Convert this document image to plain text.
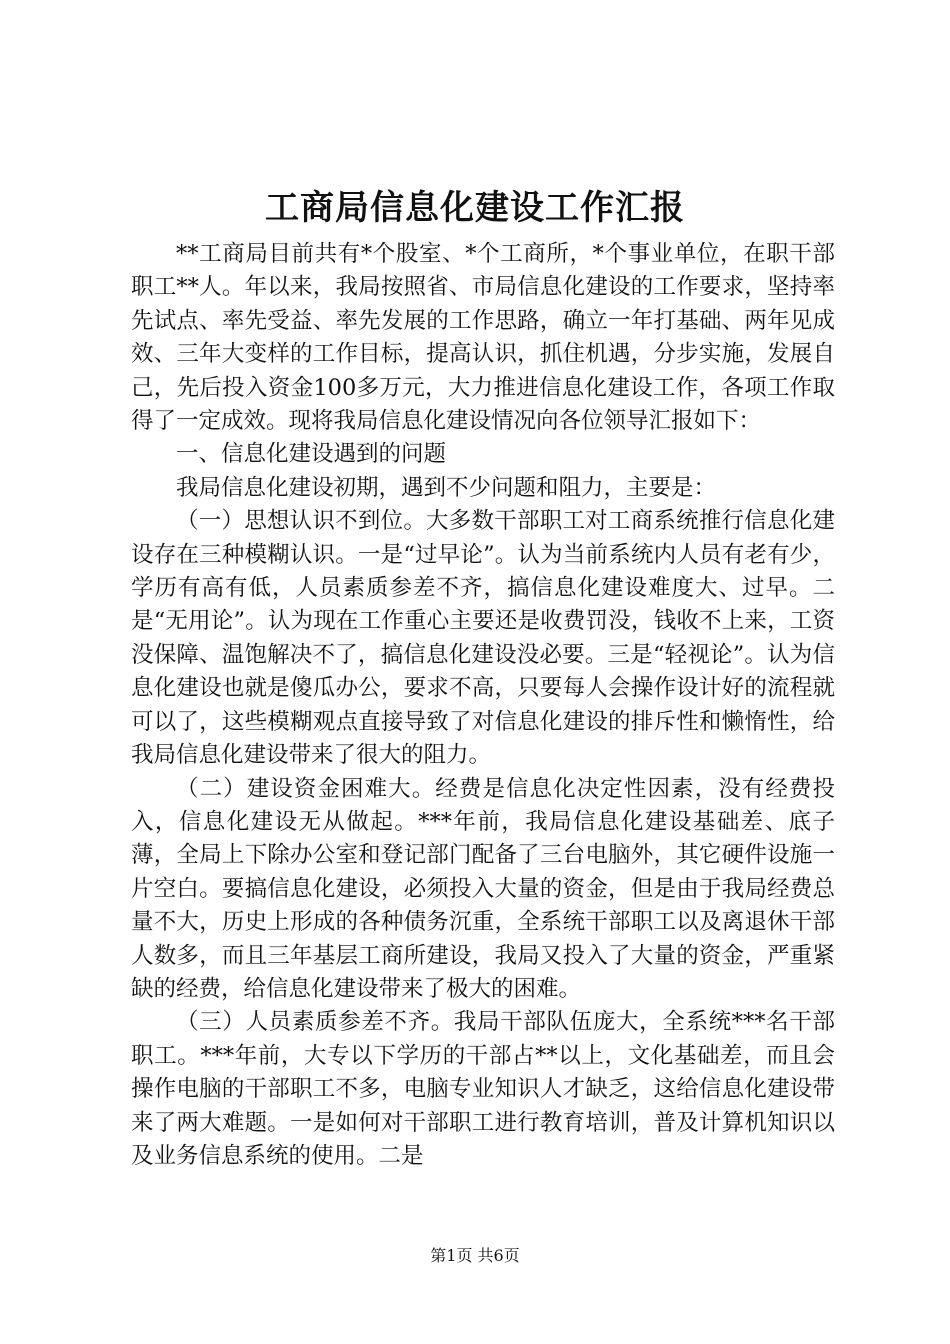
工商局信息化建设工作汇报

**工商局目前共有*个股室、*个工商所，*个事业单位，在职干部职工**人。年以来，我局按照省、市局信息化建设的工作要求，坚持率先试点、率先受益、率先发展的工作思路，确立一年打基础、两年见成效、三年大变样的工作目标，提高认识，抓住机遇，分步实施，发展自己，先后投入资金100多万元，大力推进信息化建设工作，各项工作取得了一定成效。现将我局信息化建设情况向各位领导汇报如下：

一、信息化建设遇到的问题

我局信息化建设初期，遇到不少问题和阻力，主要是：

（一）思想认识不到位。大多数干部职工对工商系统推行信息化建设存在三种模糊认识。一是“过早论”。认为当前系统内人员有老有少，学历有高有低，人员素质参差不齐，搞信息化建设难度大、过早。二是“无用论”。认为现在工作重心主要还是收费罚没，钱收不上来，工资没保障、温饱解决不了，搞信息化建设没必要。三是“轻视论”。认为信息化建设也就是傻瓜办公，要求不高，只要每人会操作设计好的流程就可以了，这些模糊观点直接导致了对信息化建设的排斥性和懒惰性，给我局信息化建设带来了很大的阻力。

（二）建设资金困难大。经费是信息化决定性因素，没有经费投入，信息化建设无从做起。***年前，我局信息化建设基础差、底子薄，全局上下除办公室和登记部门配备了三台电脑外，其它硬件设施一片空白。要搞信息化建设，必须投入大量的资金，但是由于我局经费总量不大，历史上形成的各种债务沉重，全系统干部职工以及离退休干部人数多，而且三年基层工商所建设，我局又投入了大量的资金，严重紧缺的经费，给信息化建设带来了极大的困难。

（三）人员素质参差不齐。我局干部队伍庞大，全系统***名干部职工。***年前，大专以下学历的干部占**以上，文化基础差，而且会操作电脑的干部职工不多，电脑专业知识人才缺乏，这给信息化建设带来了两大难题。一是如何对干部职工进行教育培训，普及计算机知识以及业务信息系统的使用。二是

第1页 共6页
